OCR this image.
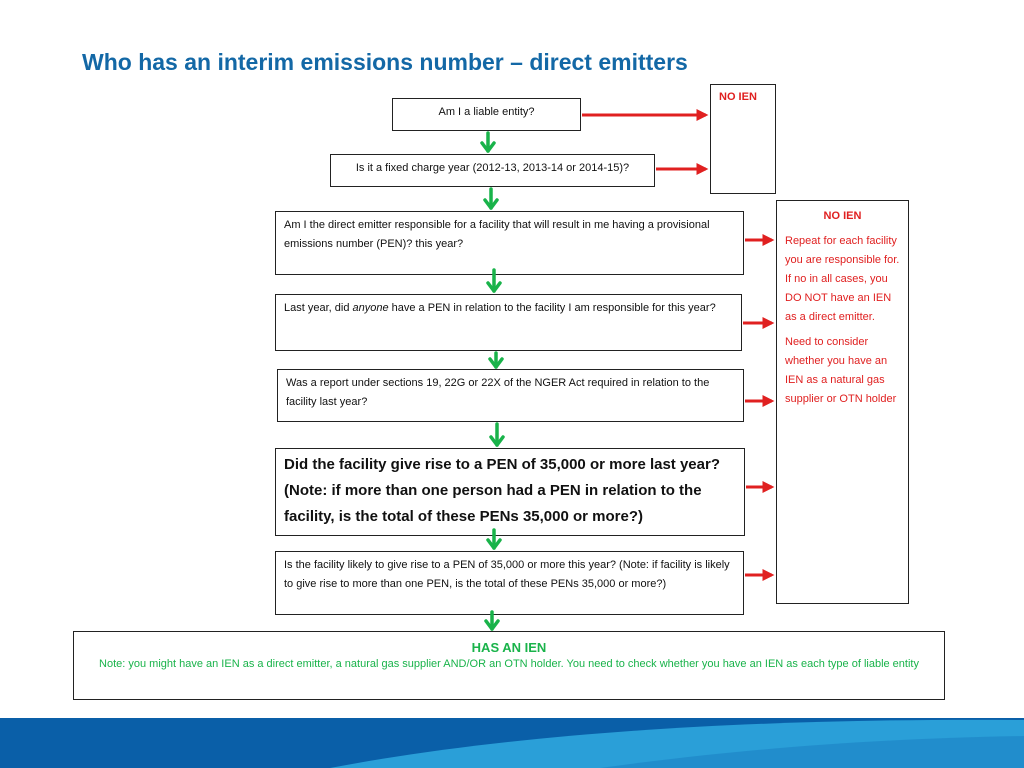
Who has an interim emissions number – direct emitters
Am I a liable entity?
Is it a fixed charge year (2012-13, 2013-14 or 2014-15)?
NO IEN
Am I the direct emitter responsible for a facility that will result in me having a provisional emissions number (PEN)? this year?
Last year, did anyone have a PEN in relation to the facility I am responsible for this year?
Was a report under sections 19, 22G or 22X of the NGER Act required in relation to the facility last year?
Did the facility give rise to a PEN of 35,000 or more last year? (Note: if more than one person had a PEN in relation to the facility, is the total of these PENs 35,000 or more?)
Is the facility likely to give rise to a PEN of 35,000 or more this year? (Note: if facility is likely to give rise to more than one PEN, is the total of these PENs 35,000 or more?)
NO IEN

Repeat for each facility you are responsible for. If no in all cases, you DO NOT have an IEN as a direct emitter.

Need to consider whether you have an IEN as a natural gas supplier or OTN holder

HAS AN IEN
Note: you might have an IEN as a direct emitter, a natural gas supplier AND/OR an OTN holder. You need to check whether you have an IEN as each type of liable entity
